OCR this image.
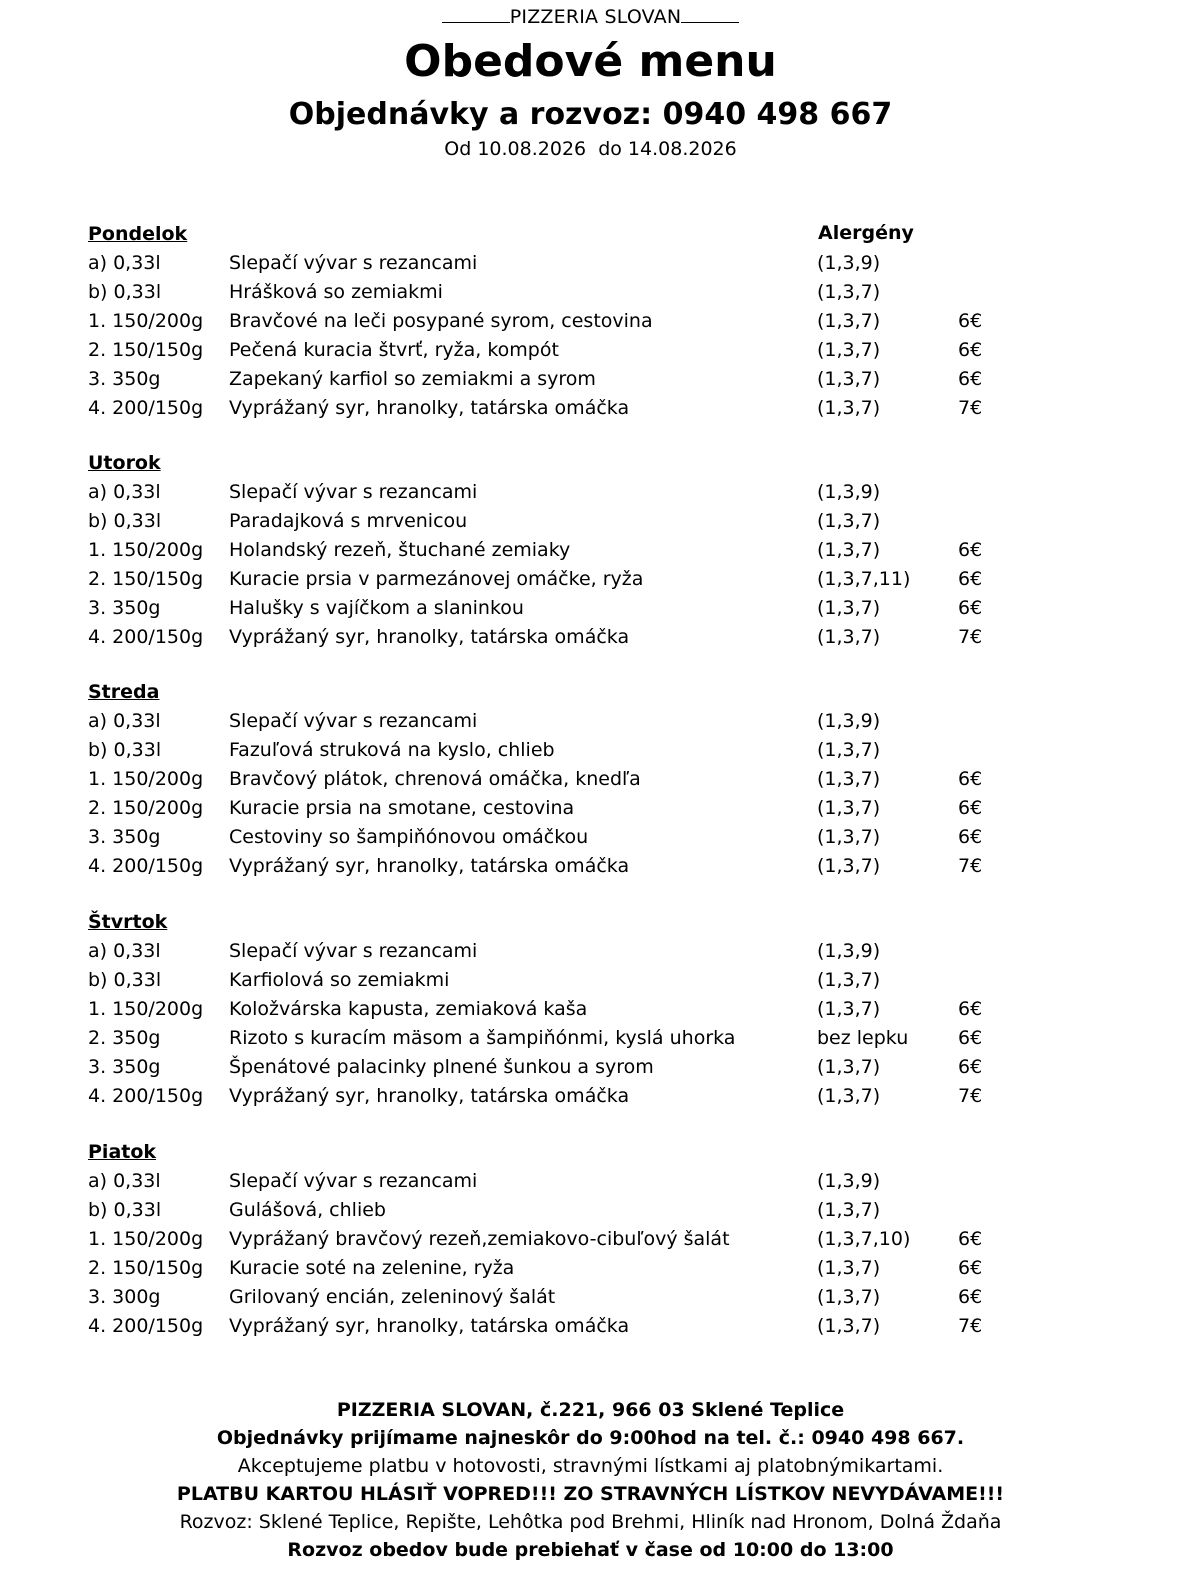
PIZZERIA SLOVAN
Obedové menu
Objednávky a rozvoz: 0940 498 667
Od 10.08.2026  do 14.08.2026
Alergény
Pondelok
a) 0,33l	Slepačí vývar s rezancami	(1,3,9)
b) 0,33l	Hrášková so zemiakmi	(1,3,7)
1. 150/200g Bravčové na leči posypané syrom, cestovina	(1,3,7)	6€
2. 150/150g Pečená kuracia štvrť, ryža, kompót	(1,3,7)	6€
3. 350g	Zapekaný karfiol so zemiakmi a syrom	(1,3,7)	6€
4. 200/150g Vyprážaný syr, hranolky, tatárska omáčka	(1,3,7)	7€
Utorok
a) 0,33l	Slepačí vývar s rezancami	(1,3,9)
b) 0,33l	Paradajková s mrvenicou	(1,3,7)
1. 150/200g Holandský rezeň, štuchané zemiaky	(1,3,7)	6€
2. 150/150g Kuracie prsia v parmezánovej omáčke, ryža	(1,3,7,11)	6€
3. 350g	Halušky s vajíčkom a slaninkou	(1,3,7)	6€
4. 200/150g Vyprážaný syr, hranolky, tatárska omáčka	(1,3,7)	7€
Streda
a) 0,33l	Slepačí vývar s rezancami	(1,3,9)
b) 0,33l	Fazuľová struková na kyslo, chlieb	(1,3,7)
1. 150/200g Bravčový plátok, chrenová omáčka, knedľa	(1,3,7)	6€
2. 150/200g Kuracie prsia na smotane, cestovina	(1,3,7)	6€
3. 350g	Cestoviny so šampiňónovou omáčkou	(1,3,7)	6€
4. 200/150g Vyprážaný syr, hranolky, tatárska omáčka	(1,3,7)	7€
Štvrtok
a) 0,33l	Slepačí vývar s rezancami	(1,3,9)
b) 0,33l	Karfiolová so zemiakmi	(1,3,7)
1. 150/200g Koložvárska kapusta, zemiaková kaša	(1,3,7)	6€
2. 350g	Rizoto s kuracím mäsom a šampiňónmi, kyslá uhorka	bez lepku	6€
3. 350g	Špenátové palacinky plnené šunkou a syrom	(1,3,7)	6€
4. 200/150g Vyprážaný syr, hranolky, tatárska omáčka	(1,3,7)	7€
Piatok
a) 0,33l	Slepačí vývar s rezancami	(1,3,9)
b) 0,33l	Gulášová, chlieb	(1,3,7)
1. 150/200g Vyprážaný bravčový rezeň,zemiakovo-cibuľový šalát	(1,3,7,10)	6€
2. 150/150g Kuracie soté na zelenine, ryža	(1,3,7)	6€
3. 300g	Grilovaný encián, zeleninový šalát	(1,3,7)	6€
4. 200/150g Vyprážaný syr, hranolky, tatárska omáčka	(1,3,7)	7€
PIZZERIA SLOVAN, č.221, 966 03 Sklené Teplice
Objednávky prijímame najneskôr do 9:00hod na tel. č.: 0940 498 667.
Akceptujeme platbu v hotovosti, stravnými lístkami aj platobnýmikartami.
PLATBU KARTOU HLÁSIŤ VOPRED!!! ZO STRAVNÝCH LÍSTKOV NEVYDÁVAME!!!
Rozvoz: Sklené Teplice, Repište, Lehôtka pod Brehmi, Hliník nad Hronom, Dolná Ždaňa
Rozvoz obedov bude prebiehať v čase od 10:00 do 13:00
